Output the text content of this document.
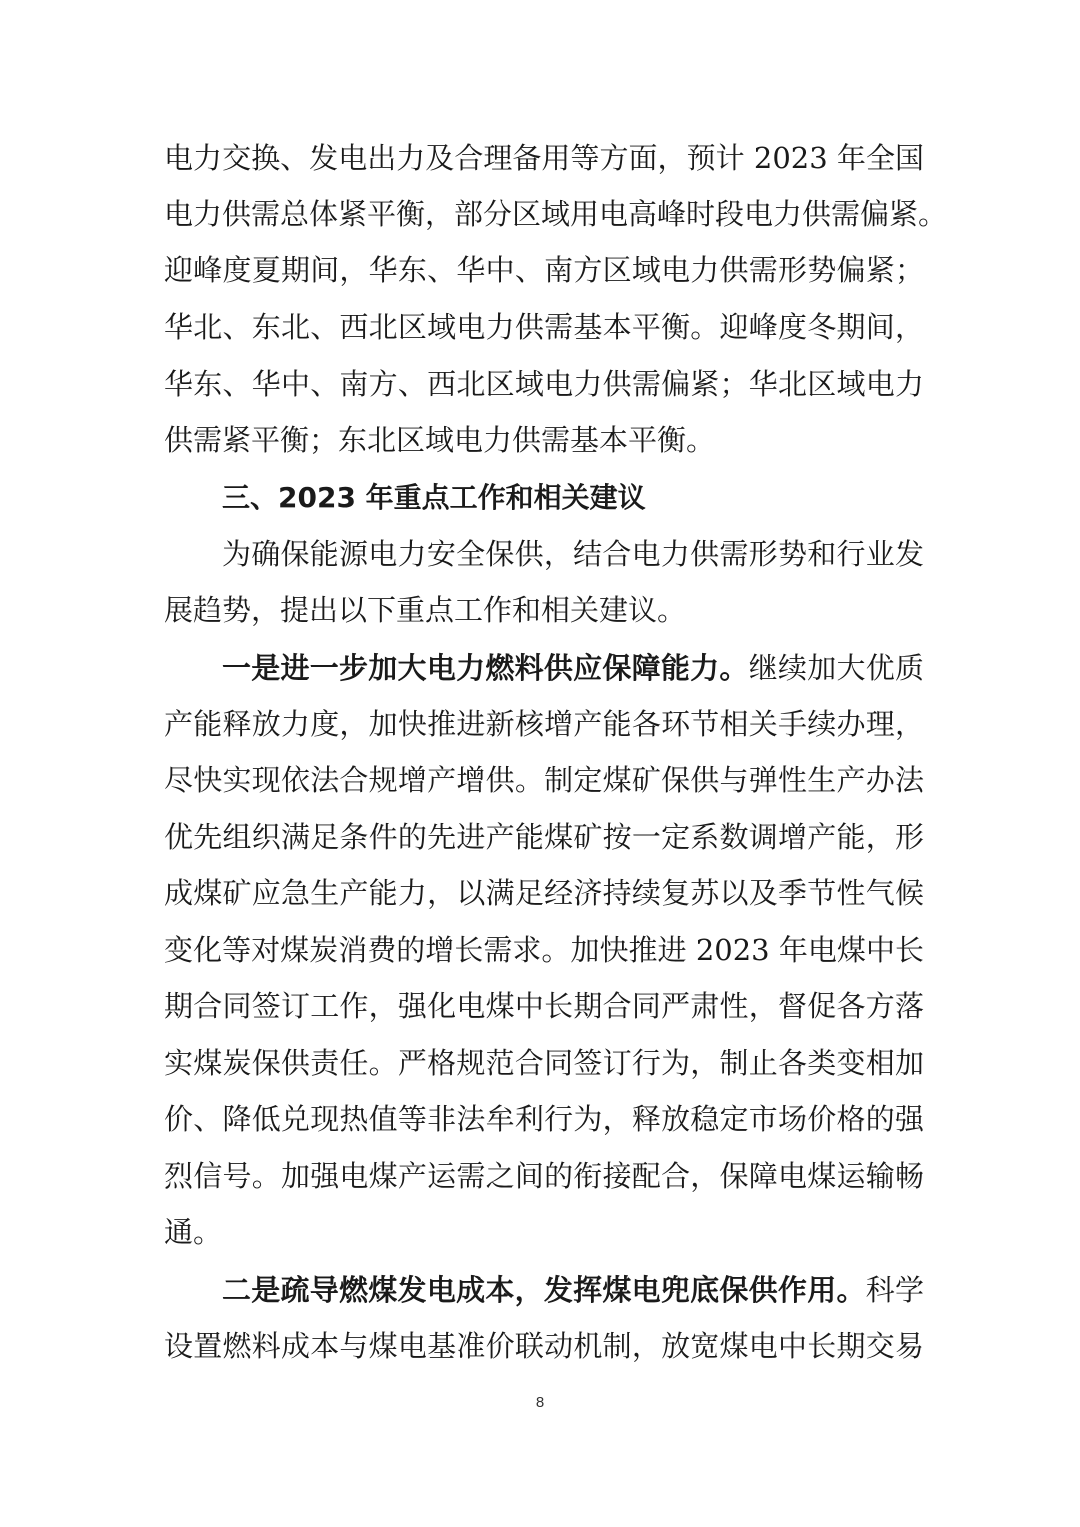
电力交换、发电出力及合理备用等方面，预计 2023 年全国
电力供需总体紧平衡，部分区域用电高峰时段电力供需偏紧。
迎峰度夏期间，华东、华中、南方区域电力供需形势偏紧；
华北、东北、西北区域电力供需基本平衡。迎峰度冬期间，
华东、华中、南方、西北区域电力供需偏紧；华北区域电力
供需紧平衡；东北区域电力供需基本平衡。
三、2023 年重点工作和相关建议
为确保能源电力安全保供，结合电力供需形势和行业发
展趋势，提出以下重点工作和相关建议。
一是进一步加大电力燃料供应保障能力。继续加大优质
产能释放力度，加快推进新核增产能各环节相关手续办理，
尽快实现依法合规增产增供。制定煤矿保供与弹性生产办法
优先组织满足条件的先进产能煤矿按一定系数调增产能，形
成煤矿应急生产能力，以满足经济持续复苏以及季节性气候
变化等对煤炭消费的增长需求。加快推进 2023 年电煤中长
期合同签订工作，强化电煤中长期合同严肃性，督促各方落
实煤炭保供责任。严格规范合同签订行为，制止各类变相加
价、降低兑现热值等非法牟利行为，释放稳定市场价格的强
烈信号。加强电煤产运需之间的衔接配合，保障电煤运输畅
通。
二是疏导燃煤发电成本，发挥煤电兜底保供作用。科学
设置燃料成本与煤电基准价联动机制，放宽煤电中长期交易
8
